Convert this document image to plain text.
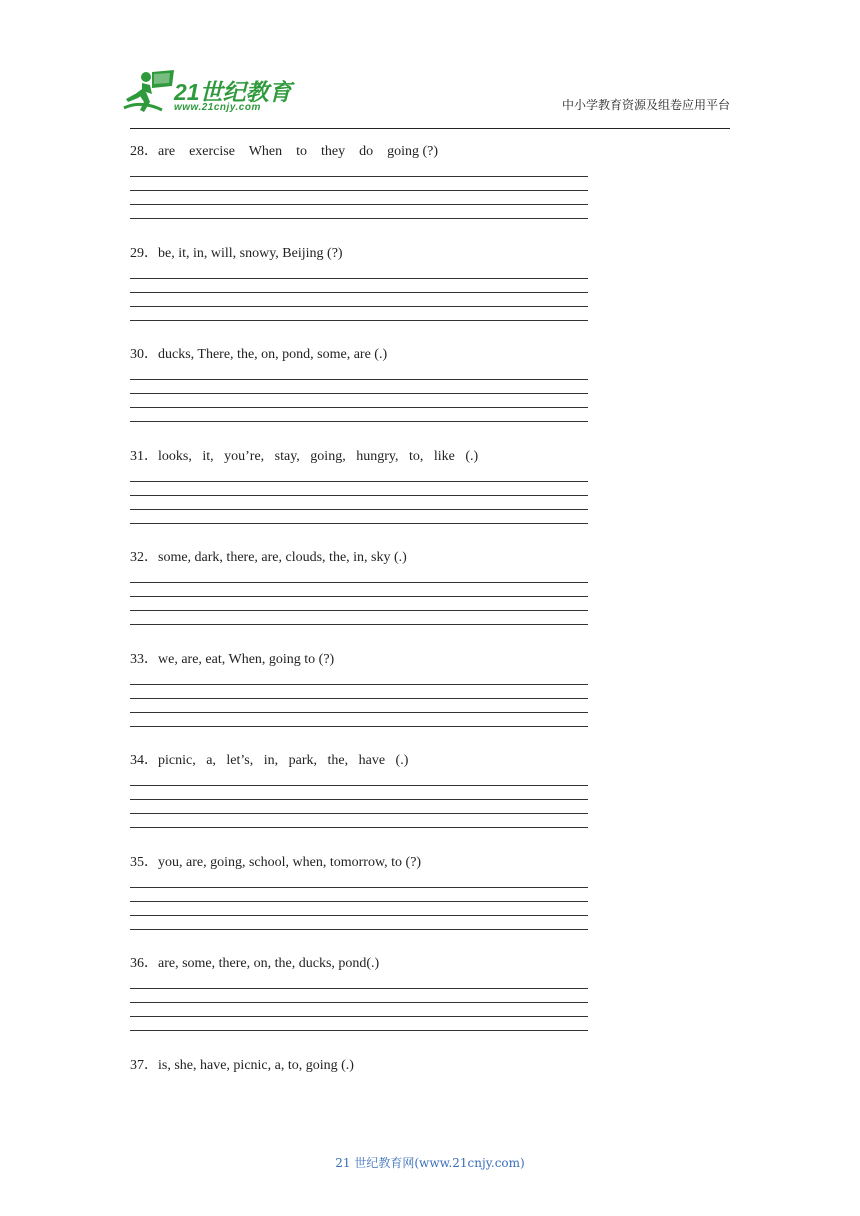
21世纪教育
www.21cnjy.com	中小学教育资源及组卷应用平台
28．are    exercise    When    to    they    do    going (?)
29．be, it, in, will, snowy, Beijing (?)
30．ducks, There, the, on, pond, some, are (.)
31．looks,   it,   you’re,   stay,   going,   hungry,   to,   like   (.)
32．some, dark, there, are, clouds, the, in, sky (.)
33．we, are, eat, When, going to (?)
34．picnic,   a,   let’s,   in,   park,   the,   have   (.)
35．you, are, going, school, when, tomorrow, to (?)
36．are, some, there, on, the, ducks, pond(.)
37．is, she, have, picnic, a, to, going (.)
21 世纪教育网(www.21cnjy.com)
